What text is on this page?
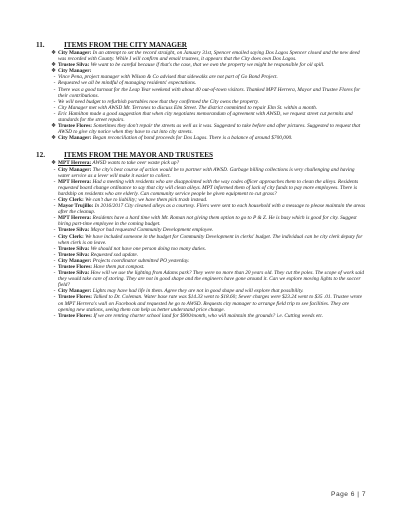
11.	ITEMS FROM THE CITY MANAGER
❖ City Manager: In an attempt to set the record straight, on January 31st, Spencer emailed saying Dos Lagos Spencer closed and the new deed was recorded with County. While I will confirm and email trustees, it appears that the City does own Dos Lagos.
❖ Trustee Silva: We want to be careful because if that's the case, that we own the property we might be responsible for oil spill.
❖ City Manager:
- Vince Pena, project manager with Wilson & Co advised that sidewalks are not part of Go Bond Project.
- Requested we all be mindful of managing residents' expectations.
- There was a good turnout for the Leap Year weekend with about 40 out-of-town visitors. Thanked MPT Herrera, Mayor and Trustee Flores for their contributions.
- We will need budget to refurbish portables now that they confirmed the City owns the property.
- City Manager met with AWSD Mr. Terrones to discuss Elm Street. The district committed to repair Elm St. within a month.
- Eric Hamilton made a good suggestion that when city negotiates memorandum of agreement with AWSD, we request street cut permits and standards for the street repairs.
❖ Trustee Flores: Sometimes they don't repair the streets as well as it was. Suggested to take before and after pictures. Suggested to request that AWSD to give city notice when they have to cut into city streets.
❖ City Manager: Began reconciliation of bond proceeds for Dos Lagos. There is a balance of around $700,000.
12.	ITEMS FROM THE MAYOR AND TRUSTEES
❖ MPT Herrera: AWSD wants to take over waste pick up?
- City Manager: The city's best course of action would be to partner with AWSD. Garbage billing collections is very challenging and having water service as a lever will make it easier to collect.
- MPT Herrera: Had a meeting with residents who are disappointed with the way codes officer approaches them to clean the alleys. Residents requested board change ordinance to say that city will clean alleys. MPT informed them of lack of city funds to pay more employees. There is hardship on residents who are elderly. Can community service people be given equipment to cut grass?
- City Clerk: We can't due to liability; we have them pick trash instead.
- Mayor Trujillo: In 2016/2017 City cleaned alleys as a courtesy. Fliers were sent to each household with a message to please maintain the areas after the cleanup.
- MPT Herrera: Residents have a hard time with Mr. Roman not giving them option to go to P & Z. He is busy which is good for city. Suggest hiring part-time employee in the coming budget.
- Trustee Silva: Mayor had requested Community Development employee.
- City Clerk: We have included someone in the budget for Community Development in clerks' budget. The individual can be city clerk deputy for when clerk is on leave.
- Trustee Silva: We should not have one person doing too many duties.
- Trustee Silva: Requested sod update.
- City Manager: Projects coordinator submitted PO yesterday.
- Trustee Flores: Have them put compost.
- Trustee Silva: How will we use the lighting from Adams park? They were no more than 20 years old. They cut the poles. The scope of work said they would take care of storing. They are not in good shape and the engineers have gone around it. Can we explore moving lights to the soccer field?
- City Manager: Lights may have had life in them. Agree they are not in good shape and will explore that possibility.
- Trustee Flores: Talked to Dr. Coleman. Water base rate was $14.33 went to $18.60; Sewer charges were $23.24 went to $35 .01. Trustee wrote on MPT Herrera's wall on Facebook and requested he go to AWSD. Requests city manager to arrange field trip to see facilities. They are opening new stations, seeing them can help us better understand price change.
- Trustee Flores: If we are renting charter school land for $900/month, who will maintain the grounds? i.e. Cutting weeds etc.
Page 6 | 7
